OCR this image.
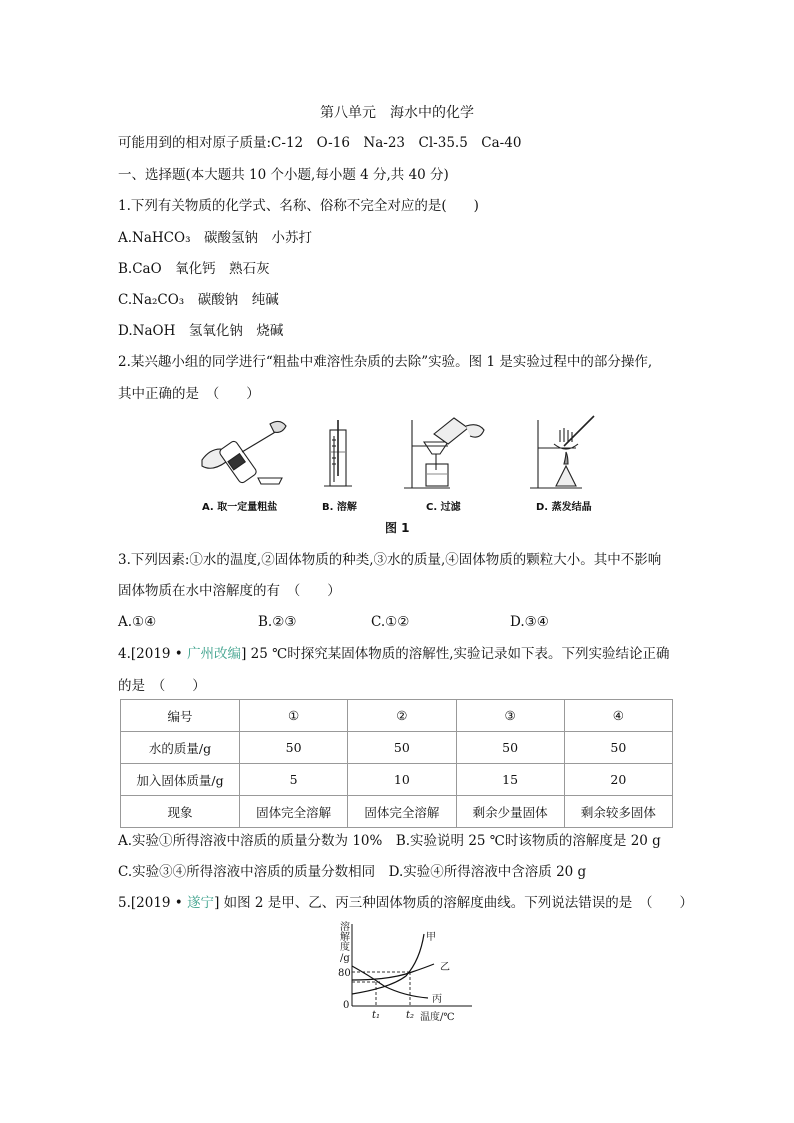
第八单元　海水中的化学
可能用到的相对原子质量:C-12　O-16　Na-23　Cl-35.5　Ca-40
一、选择题(本大题共 10 个小题,每小题 4 分,共 40 分)
1.下列有关物质的化学式、名称、俗称不完全对应的是(　　)
A.NaHCO₃　碳酸氢钠　小苏打
B.CaO　氧化钙　熟石灰
C.Na₂CO₃　碳酸钠　纯碱
D.NaOH　氢氧化钠　烧碱
2.某兴趣小组的同学进行“粗盐中难溶性杂质的去除”实验。图 1 是实验过程中的部分操作,
其中正确的是　（　　）
A. 取一定量粗盐	B. 溶解	C. 过滤	D. 蒸发结晶
图 1
3.下列因素:①水的温度,②固体物质的种类,③水的质量,④固体物质的颗粒大小。其中不影响
固体物质在水中溶解度的有　（　　）
A.①④	B.②③	C.①②	D.③④
4.[2019 • 广州改编] 25 ℃时探究某固体物质的溶解性,实验记录如下表。下列实验结论正确
的是　（　　）
编号	①	②	③	④
水的质量/g	50	50	50	50
加入固体质量/g	5	10	15	20
现象	固体完全溶解	固体完全溶解	剩余少量固体	剩余较多固体
A.实验①所得溶液中溶质的质量分数为 10%　B.实验说明 25 ℃时该物质的溶解度是 20 g
C.实验③④所得溶液中溶质的质量分数相同　D.实验④所得溶液中含溶质 20 g
5.[2019 • 遂宁] 如图 2 是甲、乙、丙三种固体物质的溶解度曲线。下列说法错误的是　（　　）
溶
解
度
/g
80
0
甲
乙
丙
t₁	t₂ 温度/℃
